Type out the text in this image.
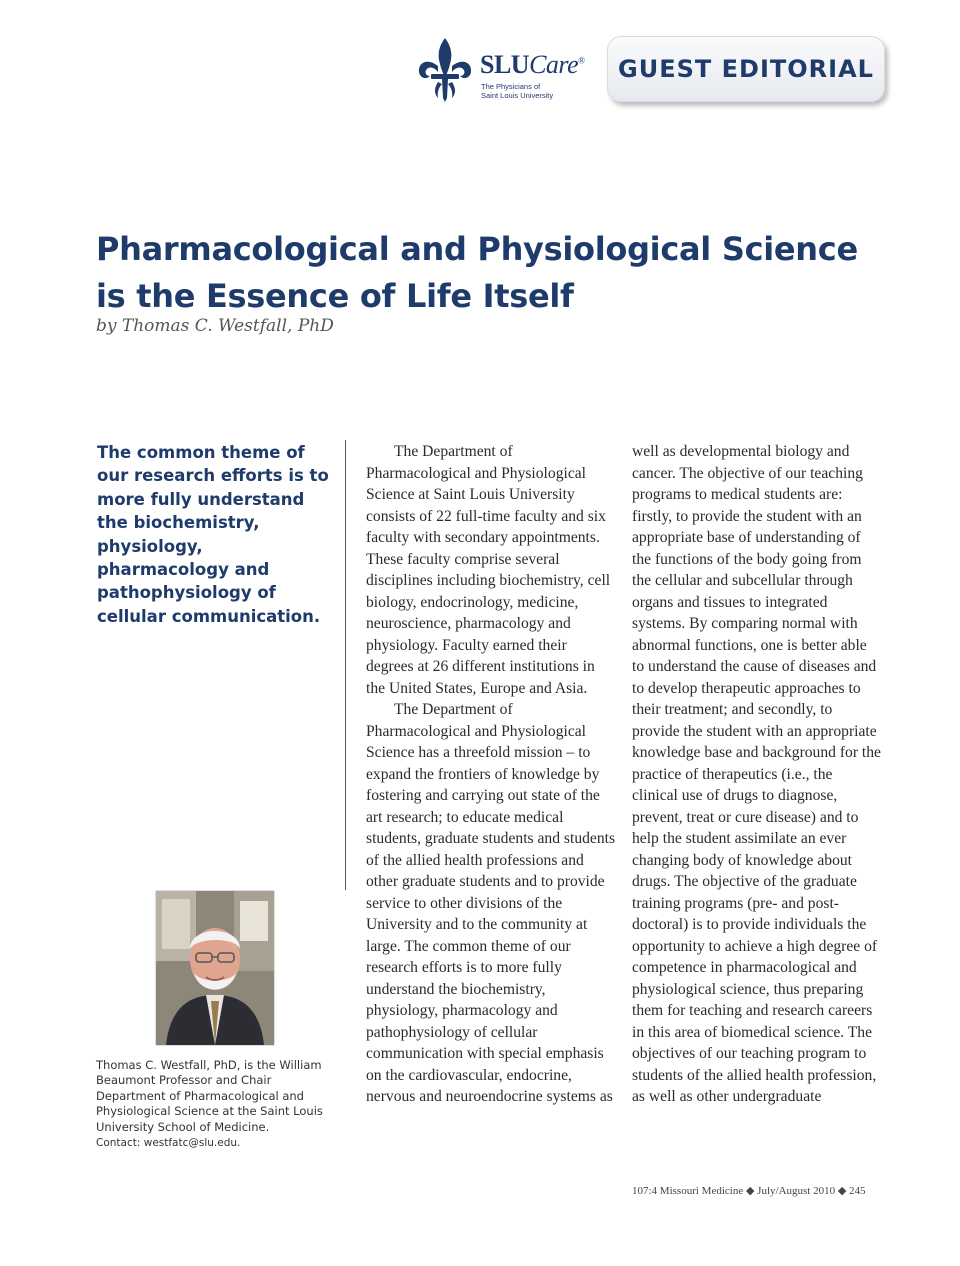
SLUCare®
The Physicians of
Saint Louis University
GUEST EDITORIAL
Pharmacological and Physiological Science
is the Essence of Life Itself
by Thomas C. Westfall, PhD
The common theme of our research efforts is to more fully understand the biochemistry, physiology, pharmacology and pathophysiology of cellular communication.

The Department of Pharmacological and Physiological Science at Saint Louis University consists of 22 full-time faculty and six faculty with secondary appointments. These faculty comprise several disciplines including biochemistry, cell biology, endocrinology, medicine, neuroscience, pharmacology and physiology. Faculty earned their degrees at 26 different institutions in the United States, Europe and Asia.

The Department of Pharmacological and Physiological Science has a threefold mission – to expand the frontiers of knowledge by fostering and carrying out state of the art research; to educate medical students, graduate students and students of the allied health professions and other graduate students and to provide service to other divisions of the University and to the community at large. The common theme of our research efforts is to more fully understand the biochemistry, physiology, pharmacology and pathophysiology of cellular communication with special emphasis on the cardiovascular, endocrine, nervous and neuroendocrine systems as

well as developmental biology and cancer. The objective of our teaching programs to medical students are: firstly, to provide the student with an appropriate base of understanding of the functions of the body going from the cellular and subcellular through organs and tissues to integrated systems. By comparing normal with abnormal functions, one is better able to understand the cause of diseases and to develop therapeutic approaches to their treatment; and secondly, to provide the student with an appropriate knowledge base and background for the practice of therapeutics (i.e., the clinical use of drugs to diagnose, prevent, treat or cure disease) and to help the student assimilate an ever changing body of knowledge about drugs. The objective of the graduate training programs (pre- and post-doctoral) is to provide individuals the opportunity to achieve a high degree of competence in pharmacological and physiological science, thus preparing them for teaching and research careers in this area of biomedical science. The objectives of our teaching program to students of the allied health profession, as well as other undergraduate

Thomas C. Westfall, PhD, is the William Beaumont Professor and Chair Department of Pharmacological and Physiological Science at the Saint Louis University School of Medicine.
Contact: westfatc@slu.edu.
107:4 Missouri Medicine ◆ July/August 2010 ◆ 245
